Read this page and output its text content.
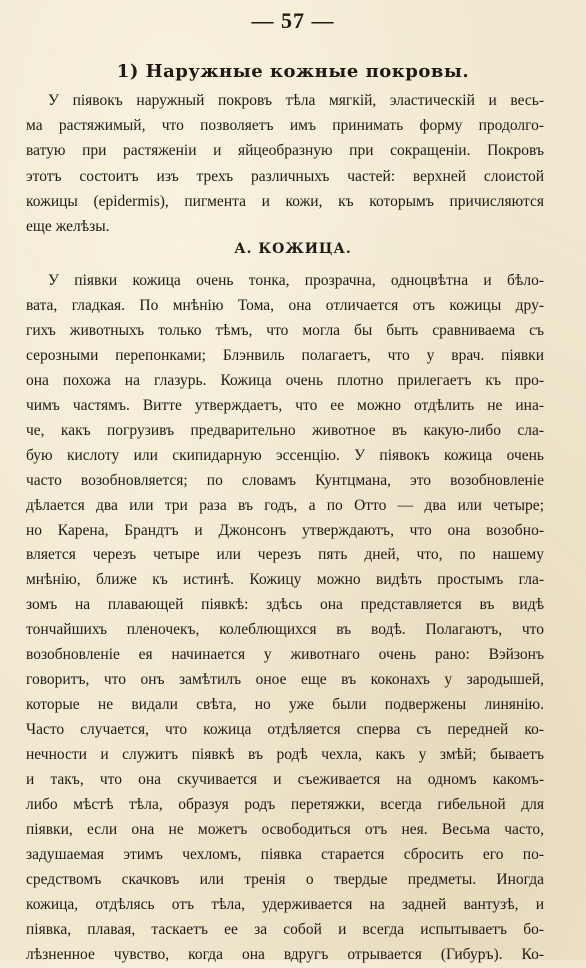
— 57 —
1) Наружные кожные покровы.
У піявокъ наружный покровъ тѣла мягкій, эластическій и весь-
ма растяжимый, что позволяетъ имъ принимать форму продолго-
ватую при растяженіи и яйцеобразную при сокращеніи. Покровъ
этотъ состоитъ изъ трехъ различныхъ частей: верхней слоистой
кожицы (epidermis), пигмента и кожи, къ которымъ причисляются
еще желѣзы.
А. КОЖИЦА.
У піявки кожица очень тонка, прозрачна, одноцвѣтна и бѣло-
вата, гладкая. По мнѣнію Тома, она отличается отъ кожицы дру-
гихъ животныхъ только тѣмъ, что могла бы быть сравниваема съ
серозными перепонками; Блэнвиль полагаетъ, что у врач. піявки
она похожа на глазурь. Кожица очень плотно прилегаетъ къ про-
чимъ частямъ. Витте утверждаетъ, что ее можно отдѣлить не ина-
че, какъ погрузивъ предварительно животное въ какую-либо сла-
бую кислоту или скипидарную эссенцію. У піявокъ кожица очень
часто возобновляется; по словамъ Кунтцмана, это возобновленіе
дѣлается два или три раза въ годъ, а по Отто — два или четыре;
но Карена, Брандтъ и Джонсонъ утверждаютъ, что она возобно-
вляется черезъ четыре или черезъ пять дней, что, по нашему
мнѣнію, ближе къ истинѣ. Кожицу можно видѣть простымъ гла-
зомъ на плавающей піявкѣ: здѣсь она представляется въ видѣ
тончайшихъ пленочекъ, колеблющихся въ водѣ. Полагаютъ, что
возобновленіе ея начинается у животнаго очень рано: Вэйзонъ
говоритъ, что онъ замѣтилъ оное еще въ коконахъ у зародышей,
которые не видали свѣта, но уже были подвержены линянію.
Часто случается, что кожица отдѣляется сперва съ передней ко-
нечности и служитъ піявкѣ въ родѣ чехла, какъ у змѣй; бываетъ
и такъ, что она скучивается и съеживается на одномъ какомъ-
либо мѣстѣ тѣла, образуя родъ перетяжки, всегда гибельной для
піявки, если она не можетъ освободиться отъ нея. Весьма часто,
задушаемая этимъ чехломъ, піявка старается сбросить его по-
средствомъ скачковъ или тренія о твердые предметы. Иногда
кожица, отдѣлясь отъ тѣла, удерживается на задней вантузѣ, и
піявка, плавая, таскаетъ ее за собой и всегда испытываетъ бо-
лѣзненное чувство, когда она вдругъ отрывается (Гибуръ). Ко-
